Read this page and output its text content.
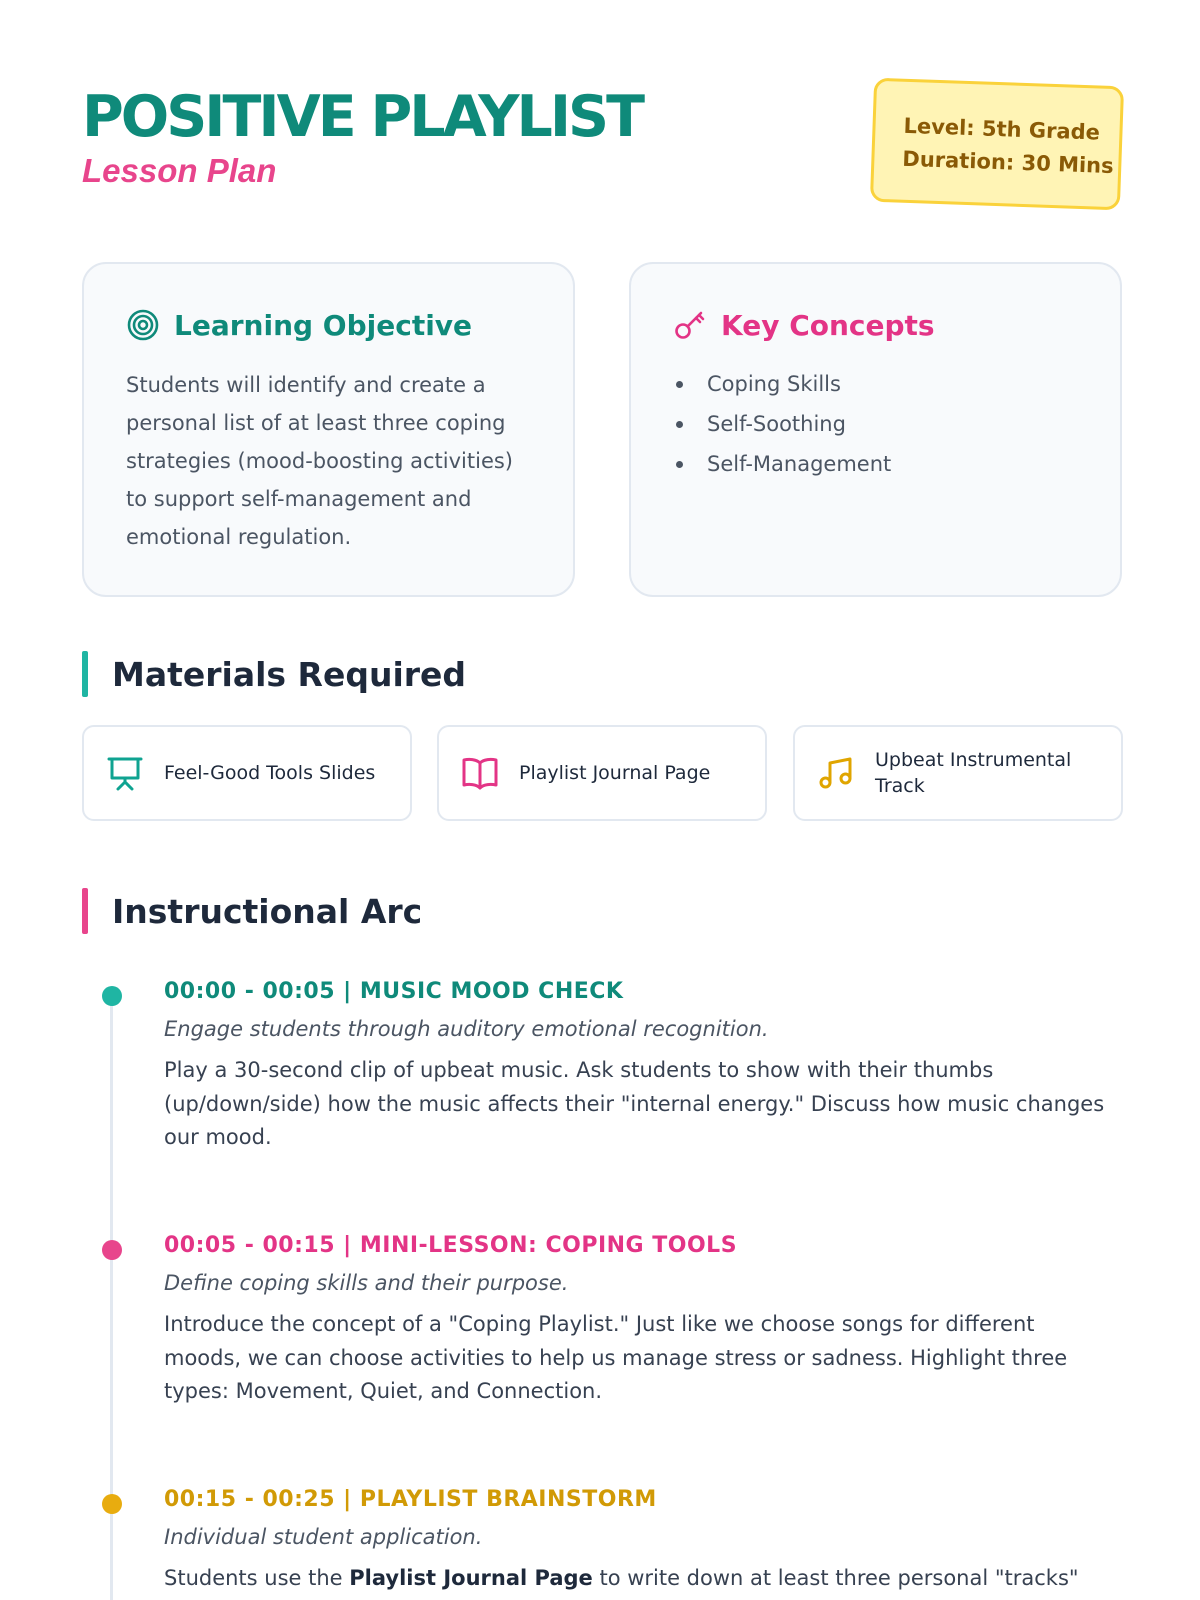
POSITIVE PLAYLIST
Lesson Plan
Level: 5th Grade
Duration: 30 Mins
Learning Objective

Students will identify and create a personal list of at least three coping strategies (mood-boosting activities) to support self-management and emotional regulation.

Key Concepts
Coping Skills
Self-Soothing
Self-Management
Materials Required
Feel-Good Tools Slides	Playlist Journal Page
Upbeat Instrumental Track
Instructional Arc
00:00 - 00:05 | MUSIC MOOD CHECK
Engage students through auditory emotional recognition.

Play a 30-second clip of upbeat music. Ask students to show with their thumbs (up/down/side) how the music affects their "internal energy." Discuss how music changes our mood.

00:05 - 00:15 | MINI-LESSON: COPING TOOLS
Define coping skills and their purpose.

Introduce the concept of a "Coping Playlist." Just like we choose songs for different moods, we can choose activities to help us manage stress or sadness. Highlight three types: Movement, Quiet, and Connection.

00:15 - 00:25 | PLAYLIST BRAINSTORM
Individual student application.

Students use the Playlist Journal Page to write down at least three personal "tracks"
